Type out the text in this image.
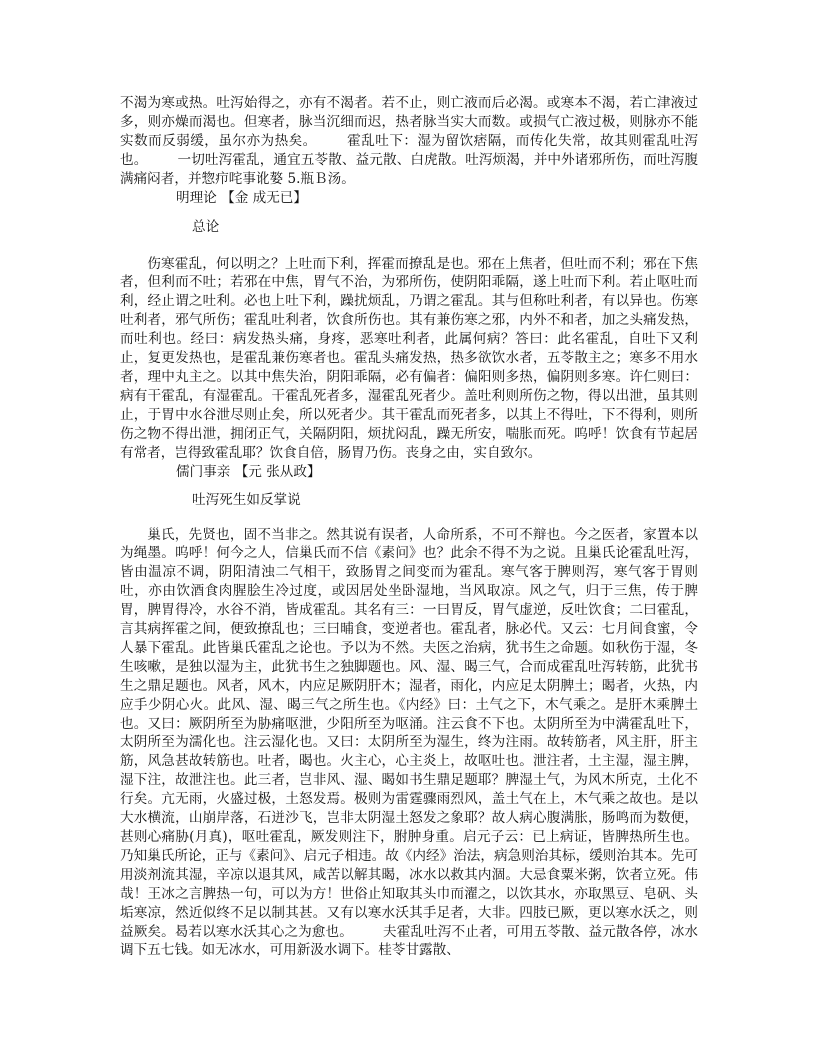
不渴为寒或热。吐泻始得之，亦有不渴者。若不止，则亡液而后必渴。或寒本不渴，若亡津液过多，则亦燥而渴也。但寒者，脉当沉细而迟，热者脉当实大而数。或损气亡液过极，则脉亦不能实数而反弱缓，虽尔亦为热矣。 霍乱吐下：湿为留饮痞隔，而传化失常，故其则霍乱吐泻也。 一切吐泻霍乱，通宜五苓散、益元散、白虎散。吐泻烦渴，并中外诸邪所伤，而吐泻腹满痛闷者，并惣疖咤事讹嫯 5.瓶Ｂ汤。

明理论 【金 成无已】
总论

伤寒霍乱，何以明之？上吐而下利，挥霍而撩乱是也。邪在上焦者，但吐而不利；邪在下焦者，但利而不吐；若邪在中焦，胃气不治，为邪所伤，使阴阳乖隔，遂上吐而下利。若止呕吐而利，经止谓之吐利。必也上吐下利，躁扰烦乱，乃谓之霍乱。其与但称吐利者，有以异也。伤寒吐利者，邪气所伤；霍乱吐利者，饮食所伤也。其有兼伤寒之邪，内外不和者，加之头痛发热，而吐利也。经曰：病发热头痛，身疼，恶寒吐利者，此属何病？答曰：此名霍乱，自吐下又利止，复更发热也，是霍乱兼伤寒者也。霍乱头痛发热，热多欲饮水者，五苓散主之；寒多不用水者，理中丸主之。以其中焦失治，阴阳乖隔，必有偏者：偏阳则多热，偏阴则多寒。许仁则曰：病有干霍乱，有湿霍乱。干霍乱死者多，湿霍乱死者少。盖吐利则所伤之物，得以出泄，虽其则止，于胃中水谷泄尽则止矣，所以死者少。其干霍乱而死者多，以其上不得吐，下不得利，则所伤之物不得出泄，拥闭正气，关隔阴阳，烦扰闷乱，躁无所安，喘胀而死。呜呼！饮食有节起居有常者，岂得致霍乱耶？饮食自倍，肠胃乃伤。丧身之由，实自致尔。

儒门事亲 【元 张从政】
吐泻死生如反掌说

巢氏，先贤也，固不当非之。然其说有误者，人命所系，不可不辩也。今之医者，家置本以为绳墨。呜呼！何今之人，信巢氏而不信《素问》也？此余不得不为之说。且巢氏论霍乱吐泻，皆由温凉不调，阴阳清浊二气相干，致肠胃之间变而为霍乱。寒气客于脾则泻，寒气客于胃则吐，亦由饮酒食肉腥脍生冷过度，或因居处坐卧湿地，当风取凉。风之气，归于三焦，传于脾胃，脾胃得冷，水谷不消，皆成霍乱。其名有三：一曰胃反，胃气虚逆，反吐饮食；二曰霍乱，言其病挥霍之间，便致撩乱也；三曰晡食，变逆者也。霍乱者，脉必代。又云：七月间食蜜，令人暴下霍乱。此皆巢氏霍乱之论也。予以为不然。夫医之治病，犹书生之命题。如秋伤于湿，冬生咳嗽，是独以湿为主，此犹书生之独脚题也。风、湿、暍三气，合而成霍乱吐泻转筋，此犹书生之鼎足题也。风者，风木，内应足厥阴肝木；湿者，雨化，内应足太阴脾土；暍者，火热，内应手少阴心火。此风、湿、暍三气之所生也。《内经》曰：土气之下，木气乘之。是肝木乘脾土也。又曰：厥阴所至为胁痛呕泄，少阳所至为呕涌。注云食不下也。太阴所至为中满霍乱吐下，太阴所至为濡化也。注云湿化也。又曰：太阴所至为湿生，终为注雨。故转筋者，风主肝，肝主筋，风急甚故转筋也。吐者，暍也。火主心，心主炎上，故呕吐也。泄注者，土主湿，湿主脾，湿下注，故泄注也。此三者，岂非风、湿、暍如书生鼎足题耶？脾湿土气，为风木所克，土化不行矣。亢无雨，火盛过极，土怒发焉。极则为雷霆骤雨烈风，盖土气在上，木气乘之故也。是以大水横流，山崩岸落，石迸沙飞，岂非太阴湿土怒发之象耶？故人病心腹满胀，肠鸣而为数便，甚则心痛胁(月真)，呕吐霍乱，厥发则注下，胕肿身重。启元子云：已上病证，皆脾热所生也。乃知巢氏所论，正与《素问》、启元子相违。故《内经》治法，病急则治其标，缓则治其本。先可用淡剂流其湿，辛凉以退其风，咸苦以解其暍，冰水以救其内涸。大忌食粟米粥，饮者立死。伟哉！王冰之言脾热一句，可以为方！世俗止知取其头巾而濯之，以饮其水，亦取黑豆、皂矾、头垢寒凉，然近似终不足以制其甚。又有以寒水沃其手足者，大非。四肢已厥，更以寒水沃之，则益厥矣。曷若以寒水沃其心之为愈也。 夫霍乱吐泻不止者，可用五苓散、益元散各停，冰水调下五七钱。如无冰水，可用新汲水调下。桂苓甘露散、
